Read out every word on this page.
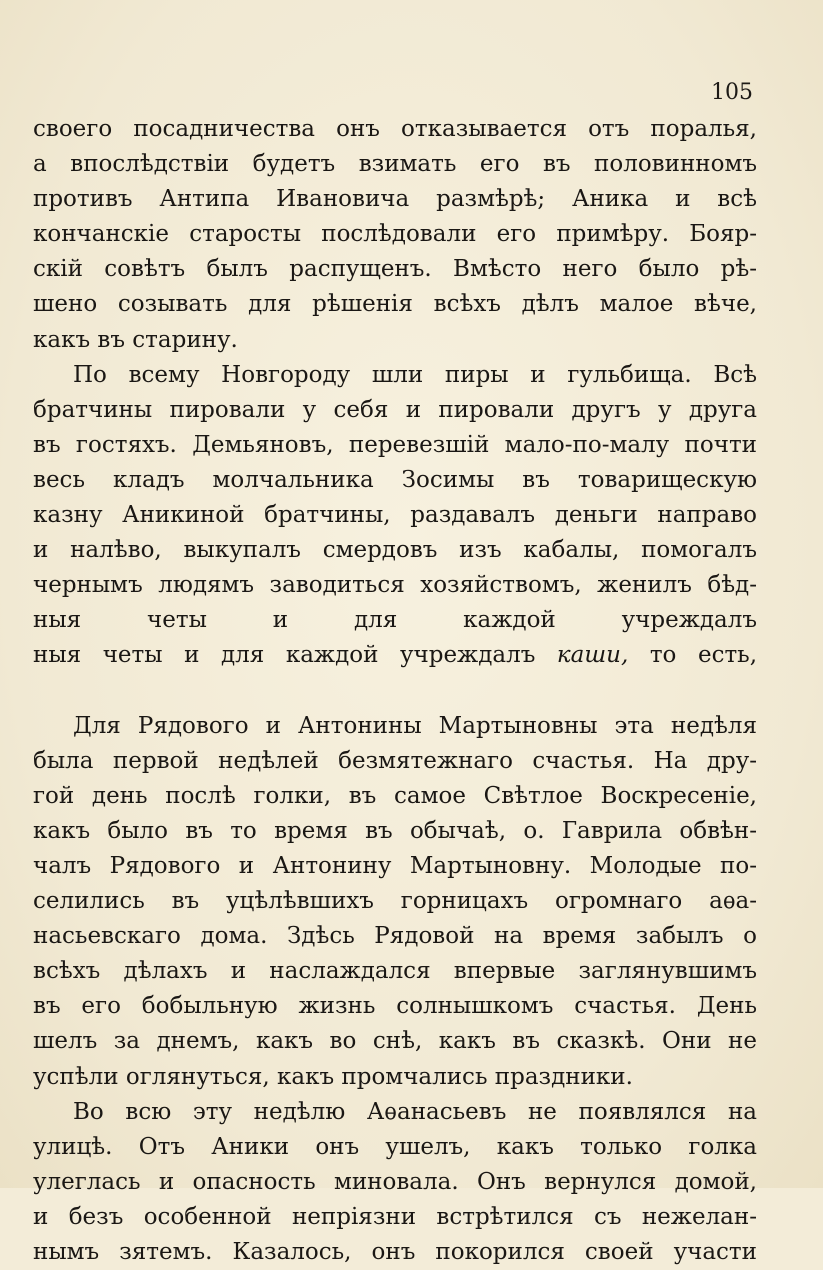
105

своего посадничества онъ отказывается отъ поралья,
а впослѣдствіи будетъ взимать его въ половинномъ
противъ Антипа Ивановича размѣрѣ; Аника и всѣ
кончанскіе старосты послѣдовали его примѣру. Бояр-
скій совѣтъ былъ распущенъ. Вмѣсто него было рѣ-
шено созывать для рѣшенія всѣхъ дѣлъ малое вѣче,
какъ въ старину.

По всему Новгороду шли пиры и гульбища. Всѣ
братчины пировали у себя и пировали другъ у друга
въ гостяхъ. Демьяновъ, перевезшій мало-по-малу почти
весь кладъ молчальника Зосимы въ товарищескую
казну Аникиной братчины, раздавалъ деньги направо
и налѣво, выкупалъ смердовъ изъ кабалы, помогалъ
чернымъ людямъ заводиться хозяйствомъ, женилъ бѣд-
ныя четы и для каждой учреждалъ
ныя четы и для каждой учреждалъ каши, то есть,

Для Рядового и Антонины Мартыновны эта недѣля
была первой недѣлей безмятежнаго счастья. На дру-
гой день послѣ голки, въ самое Свѣтлое Воскресеніе,
какъ было въ то время въ обычаѣ, о. Гаврила обвѣн-
чалъ Рядового и Антонину Мартыновну. Молодые по-
селились въ уцѣлѣвшихъ горницахъ огромнаго аѳа-
насьевскаго дома. Здѣсь Рядовой на время забылъ о
всѣхъ дѣлахъ и наслаждался впервые заглянувшимъ
въ его бобыльную жизнь солнышкомъ счастья. День
шелъ за днемъ, какъ во снѣ, какъ въ сказкѣ. Они не
успѣли оглянуться, какъ промчались праздники.

Во всю эту недѣлю Аѳанасьевъ не появлялся на
улицѣ. Отъ Аники онъ ушелъ, какъ только голка
улеглась и опасность миновала. Онъ вернулся домой,
и безъ особенной непріязни встрѣтился съ нежелан-
нымъ зятемъ. Казалось, онъ покорился своей участи
